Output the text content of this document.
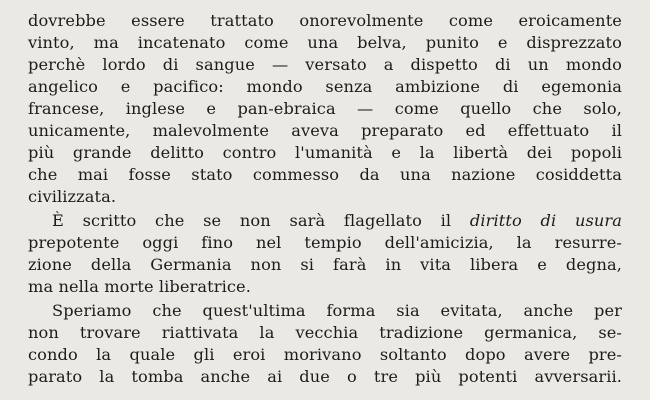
dovrebbe essere trattato onorevolmente come eroicamente
vinto, ma incatenato come una belva, punito e disprezzato
perchè lordo di sangue — versato a dispetto di un mondo
angelico e pacifico: mondo senza ambizione di egemonia
francese, inglese e pan-ebraica — come quello che solo,
unicamente, malevolmente aveva preparato ed effettuato il
più grande delitto contro l'umanità e la libertà dei popoli
che mai fosse stato commesso da una nazione cosiddetta
civilizzata.
È scritto che se non sarà flagellato il diritto di usura
prepotente oggi fino nel tempio dell'amicizia, la resurre-
zione della Germania non si farà in vita libera e degna,
ma nella morte liberatrice.
Speriamo che quest'ultima forma sia evitata, anche per
non trovare riattivata la vecchia tradizione germanica, se-
condo la quale gli eroi morivano soltanto dopo avere pre-
parato la tomba anche ai due o tre più potenti avversarii.
